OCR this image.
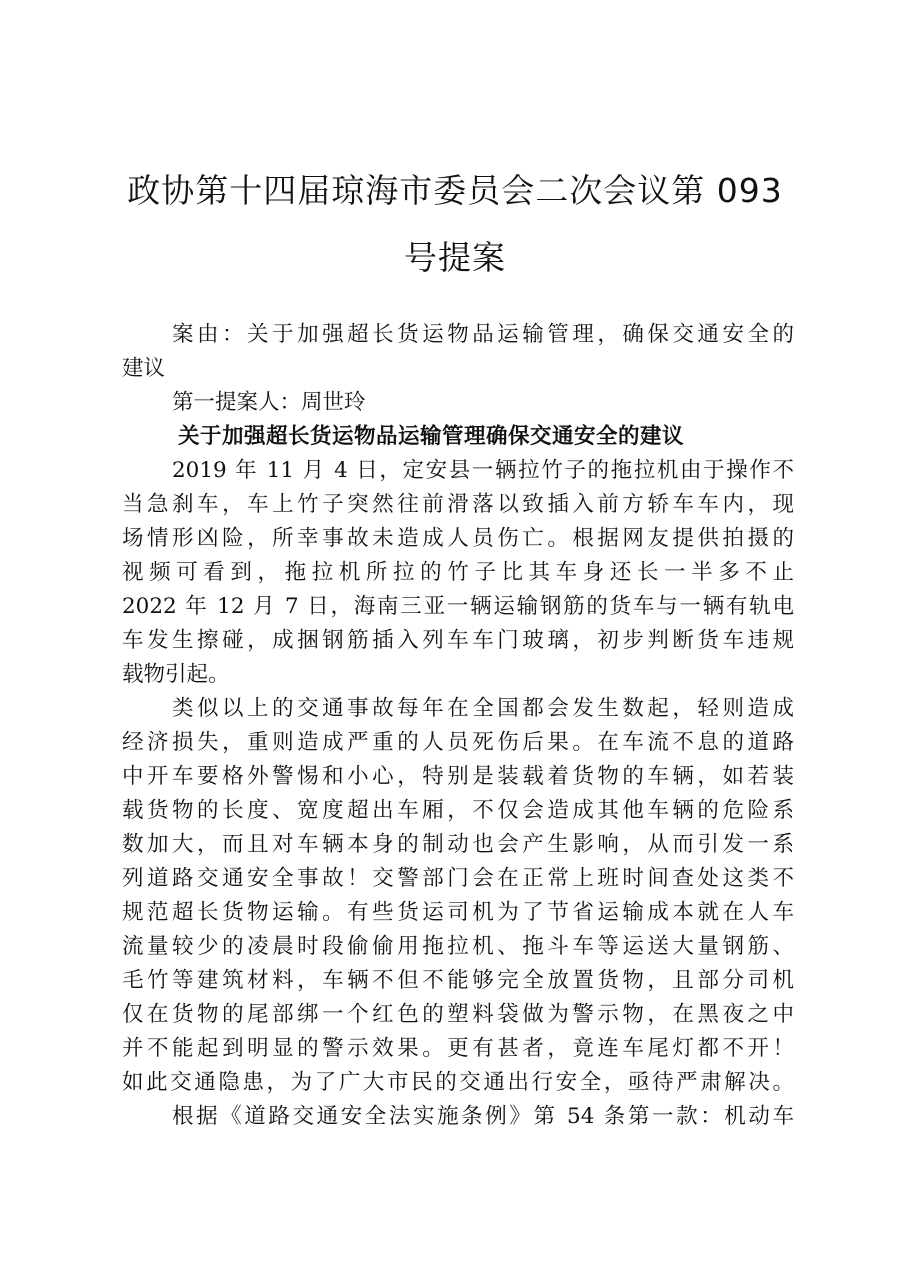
政协第十四届琼海市委员会二次会议第 093
号提案
案由：关于加强超长货运物品运输管理，确保交通安全的
建议
第一提案人：周世玲
关于加强超长货运物品运输管理确保交通安全的建议
2019 年 11 月 4 日，定安县一辆拉竹子的拖拉机由于操作不
当急刹车，车上竹子突然往前滑落以致插入前方轿车车内，现
场情形凶险，所幸事故未造成人员伤亡。根据网友提供拍摄的
视频可看到，拖拉机所拉的竹子比其车身还长一半多不止
2022 年 12 月 7 日，海南三亚一辆运输钢筋的货车与一辆有轨电
车发生擦碰，成捆钢筋插入列车车门玻璃，初步判断货车违规
载物引起。
类似以上的交通事故每年在全国都会发生数起，轻则造成
经济损失，重则造成严重的人员死伤后果。在车流不息的道路
中开车要格外警惕和小心，特别是装载着货物的车辆，如若装
载货物的长度、宽度超出车厢，不仅会造成其他车辆的危险系
数加大，而且对车辆本身的制动也会产生影响，从而引发一系
列道路交通安全事故！交警部门会在正常上班时间查处这类不
规范超长货物运输。有些货运司机为了节省运输成本就在人车
流量较少的凌晨时段偷偷用拖拉机、拖斗车等运送大量钢筋、
毛竹等建筑材料，车辆不但不能够完全放置货物，且部分司机
仅在货物的尾部绑一个红色的塑料袋做为警示物，在黑夜之中
并不能起到明显的警示效果。更有甚者，竟连车尾灯都不开！
如此交通隐患，为了广大市民的交通出行安全，亟待严肃解决。
根据《道路交通安全法实施条例》第 54 条第一款：机动车
